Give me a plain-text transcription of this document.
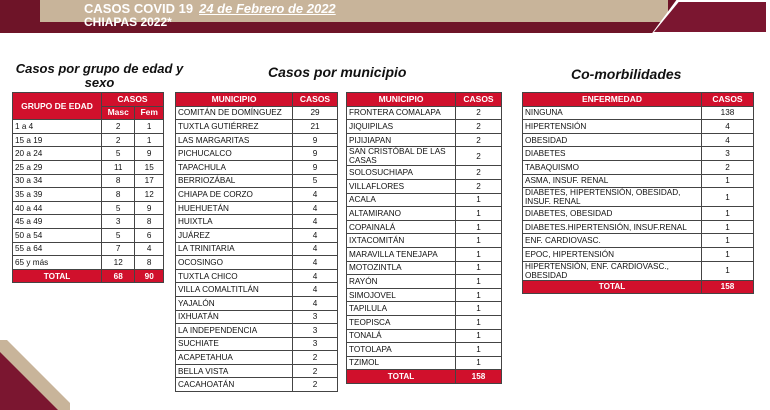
CASOS COVID 19 24 de Febrero de 2022
CHIAPAS 2022*
Casos por grupo de edad y sexo
Casos por municipio	Co-morbilidades
GRUPO DE EDAD	CASOS	
	Masc	Fem
1 a 4	2	1
15 a 19	2	1
20 a 24	5	9
25 a 29	11	15
30 a 34	8	17
35 a 39	8	12
40 a 44	5	9
45 a 49	3	8
50 a 54	5	6
55 a 64	7	4
65 y más	12	8
TOTAL	68	90
MUNICIPIO	CASOS
COMITÁN DE DOMÍNGUEZ	29
TUXTLA GUTIÉRREZ	21
LAS MARGARITAS	9
PICHUCALCO	9
TAPACHULA	9
BERRIOZÁBAL	5
CHIAPA DE CORZO	4
HUEHUETÁN	4
HUIXTLA	4
JUÁREZ	4
LA TRINITARIA	4
OCOSINGO	4
TUXTLA CHICO	4
VILLA COMALTITLÁN	4
YAJALÓN	4
IXHUATÁN	3
LA INDEPENDENCIA	3
SUCHIATE	3
ACAPETAHUA	2
BELLA VISTA	2
CACAHOATÁN	2
MUNICIPIO	CASOS
FRONTERA COMALAPA	2
JIQUIPILAS	2
PIJIJIAPAN	2
SAN CRISTÓBAL DE LAS CASAS	2
SOLOSUCHIAPA	2
VILLAFLORES	2
ACALA	1
ALTAMIRANO	1
COPAINALÁ	1
IXTACOMITÁN	1
MARAVILLA TENEJAPA	1
MOTOZINTLA	1
RAYÓN	1
SIMOJOVEL	1
TAPILULA	1
TEOPISCA	1
TONALÁ	1
TOTOLAPA	1
TZIMOL	1
TOTAL	158
ENFERMEDAD	CASOS
NINGUNA	138
HIPERTENSIÓN	4
OBESIDAD	4
DIABETES	3
TABAQUISMO	2
ASMA, INSUF. RENAL	1
DIABETES, HIPERTENSIÓN, OBESIDAD, INSUF. RENAL	1
DIABETES, OBESIDAD	1
DIABETES.HIPERTENSIÓN, INSUF.RENAL	1
ENF. CARDIOVASC.	1
EPOC, HIPERTENSIÓN	1
HIPERTENSIÓN, ENF. CARDIOVASC., OBESIDAD	1
TOTAL	158
